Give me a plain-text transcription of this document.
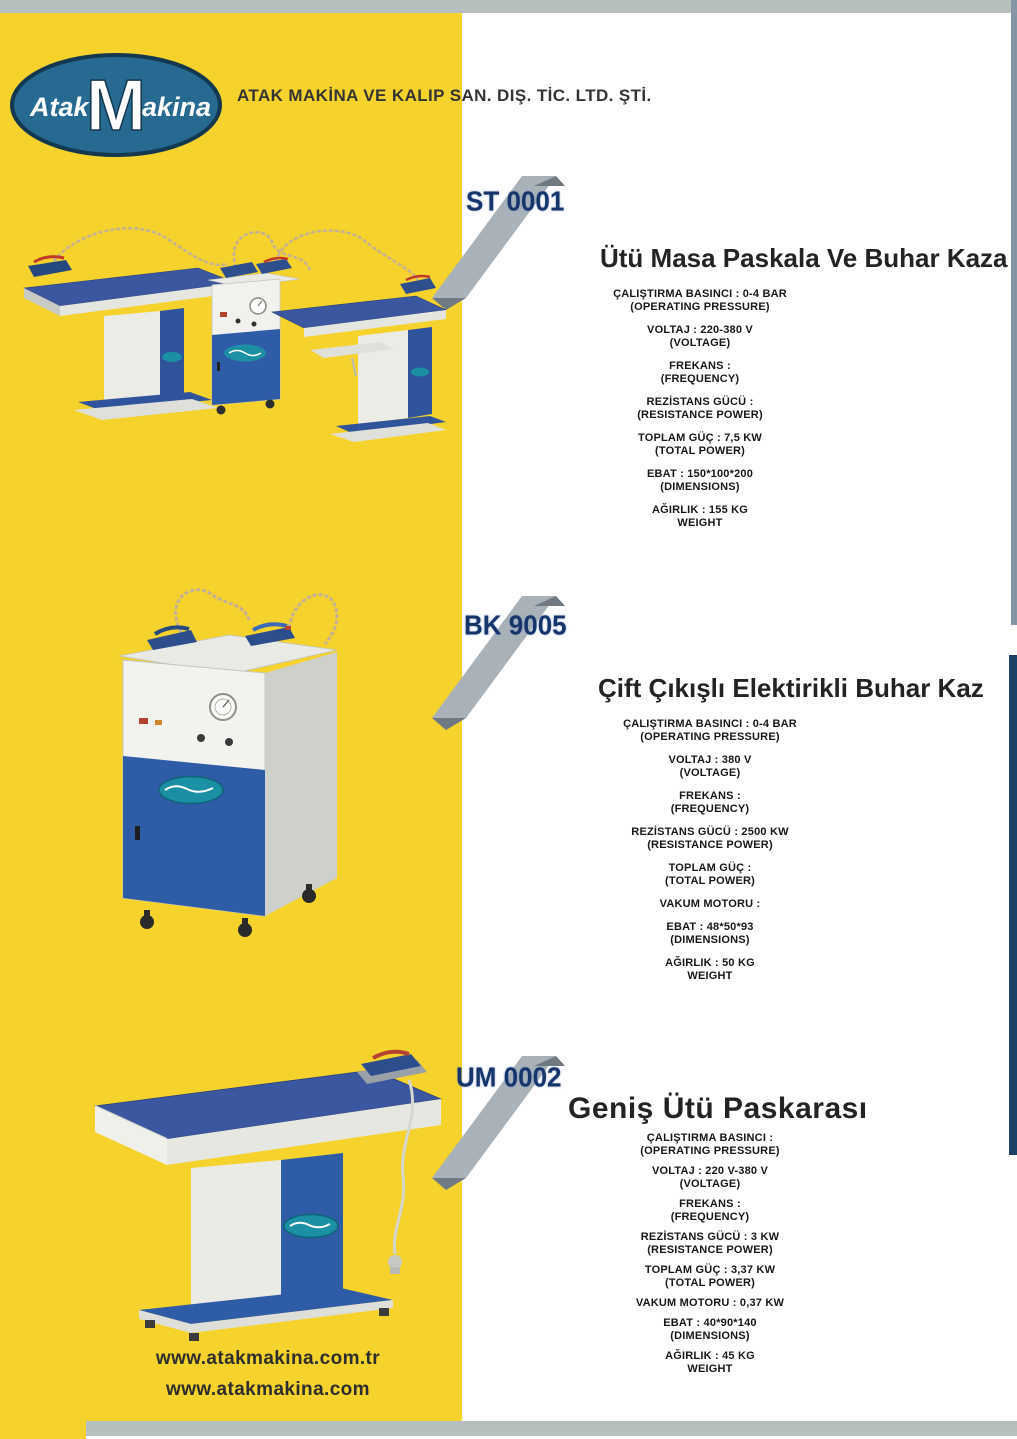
Atak
M
akina ATAK MAKİNA VE KALIP SAN. DIŞ. TİC. LTD. ŞTİ.
ST 0001
Ütü Masa Paskala Ve Buhar Kaza
ÇALIŞTIRMA BASINCI : 0-4 BAR
(OPERATING PRESSURE)
VOLTAJ : 220-380 V
(VOLTAGE)
FREKANS :
(FREQUENCY)
REZİSTANS GÜCÜ :
(RESISTANCE POWER)
TOPLAM GÜÇ : 7,5 KW
(TOTAL POWER)
EBAT : 150*100*200
(DIMENSIONS)
AĞIRLIK : 155 KG
WEIGHT
BK 9005
Çift Çıkışlı Elektirikli Buhar Kaz
ÇALIŞTIRMA BASINCI : 0-4 BAR
(OPERATING PRESSURE)
VOLTAJ : 380 V
(VOLTAGE)
FREKANS :
(FREQUENCY)
REZİSTANS GÜCÜ : 2500 KW
(RESISTANCE POWER)
TOPLAM GÜÇ :
(TOTAL POWER)
VAKUM MOTORU :
EBAT : 48*50*93
(DIMENSIONS)
AĞIRLIK : 50 KG
WEIGHT
UM 0002
Geniş Ütü Paskarası
ÇALIŞTIRMA BASINCI :
(OPERATING PRESSURE)
VOLTAJ : 220 V-380 V
(VOLTAGE)
FREKANS :
(FREQUENCY)
REZİSTANS GÜCÜ : 3 KW
(RESISTANCE POWER)
TOPLAM GÜÇ : 3,37 KW
(TOTAL POWER)
VAKUM MOTORU : 0,37 KW
EBAT : 40*90*140
(DIMENSIONS)
AĞIRLIK : 45 KG
WEIGHT
www.atakmakina.com.tr
www.atakmakina.com
